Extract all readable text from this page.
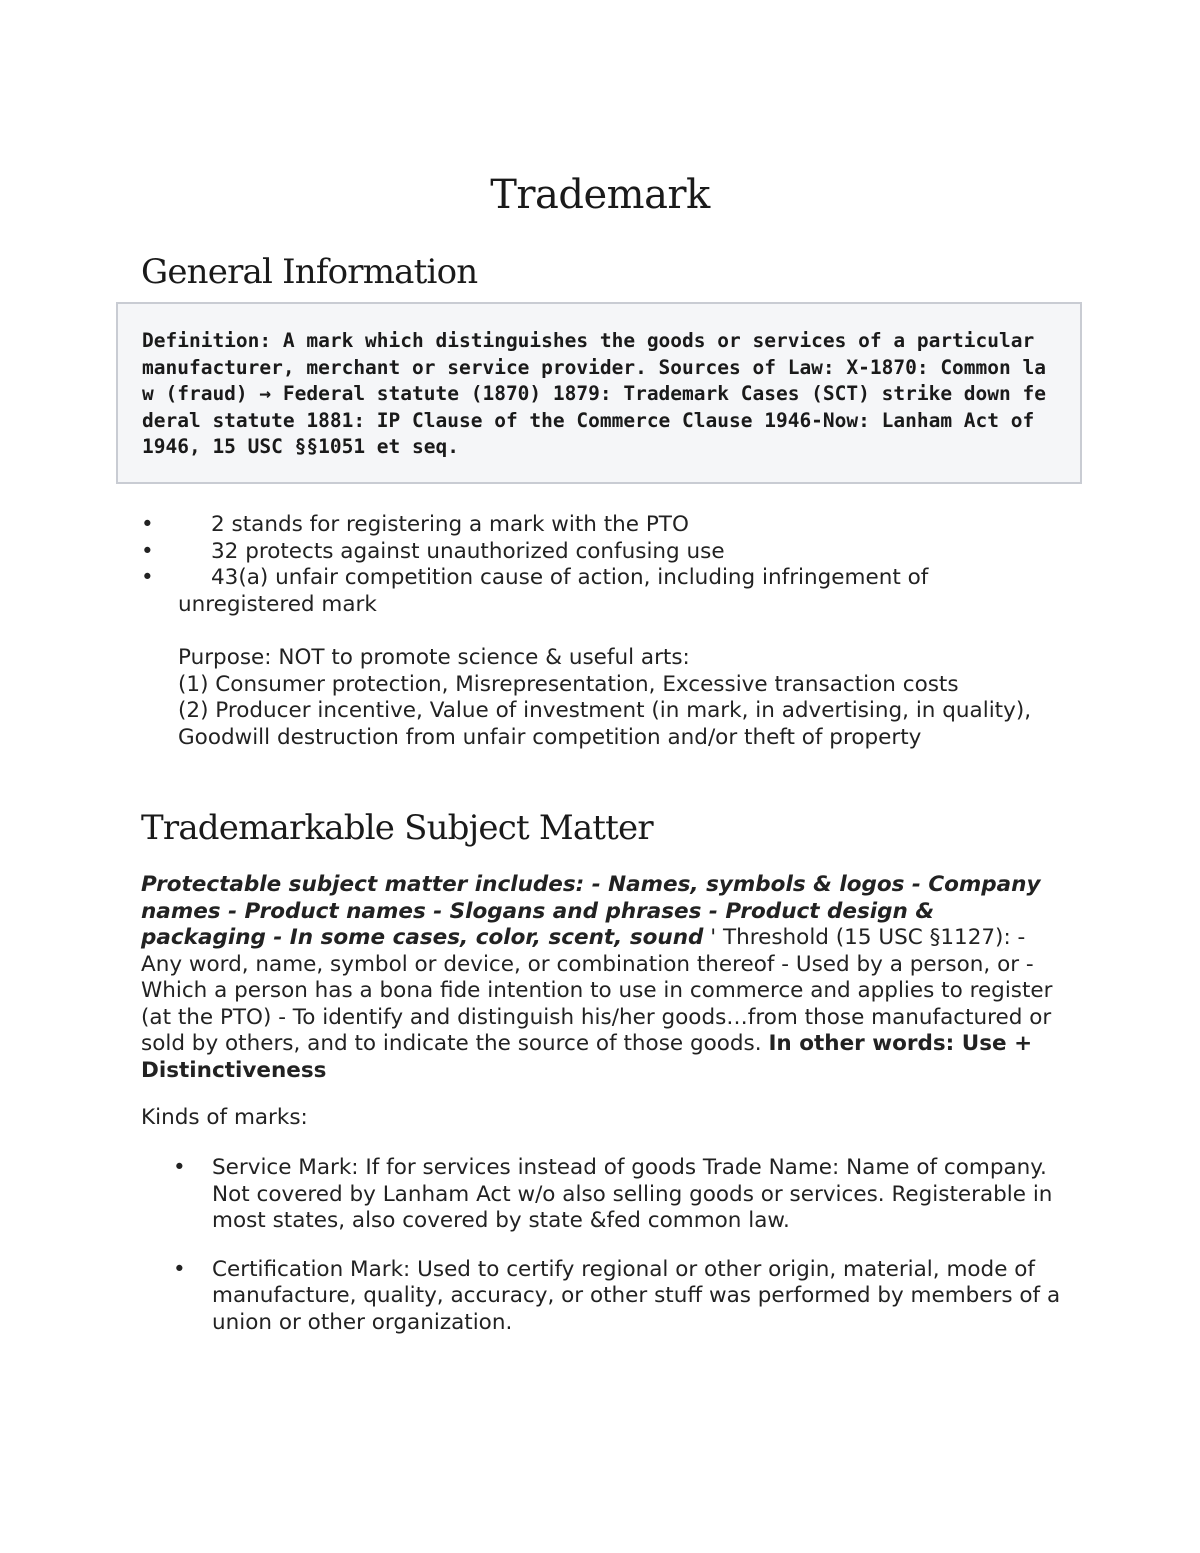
Trademark
General Information

Definition: A mark which distinguishes the goods or services of a particular manufacturer, merchant or service provider. Sources of Law: X-1870: Common law (fraud) → Federal statute (1870) 1879: Trademark Cases (SCT) strike down federal statute 1881: IP Clause of the Commerce Clause 1946-Now: Lanham Act of 1946, 15 USC §§1051 et seq.

•	2 stands for registering a mark with the PTO
•	32 protects against unauthorized confusing use
•	43(a) unfair competition cause of action, including infringement of unregistered mark

Purpose: NOT to promote science & useful arts:

(1) Consumer protection, Misrepresentation, Excessive transaction costs

(2) Producer incentive, Value of investment (in mark, in advertising, in quality), Goodwill destruction from unfair competition and/or theft of property

Trademarkable Subject Matter

Protectable subject matter includes: - Names, symbols & logos - Company names - Product names - Slogans and phrases - Product design & packaging - In some cases, color, scent, sound ' Threshold (15 USC §1127): - Any word, name, symbol or device, or combination thereof - Used by a person, or - Which a person has a bona fide intention to use in commerce and applies to register (at the PTO) - To identify and distinguish his/her goods…from those manufactured or sold by others, and to indicate the source of those goods. In other words: Use + Distinctiveness

Kinds of marks:

• Service Mark: If for services instead of goods Trade Name: Name of company. Not covered by Lanham Act w/o also selling goods or services. Registerable in most states, also covered by state &fed common law.
• Certification Mark: Used to certify regional or other origin, material, mode of manufacture, quality, accuracy, or other stuff was performed by members of a union or other organization.
